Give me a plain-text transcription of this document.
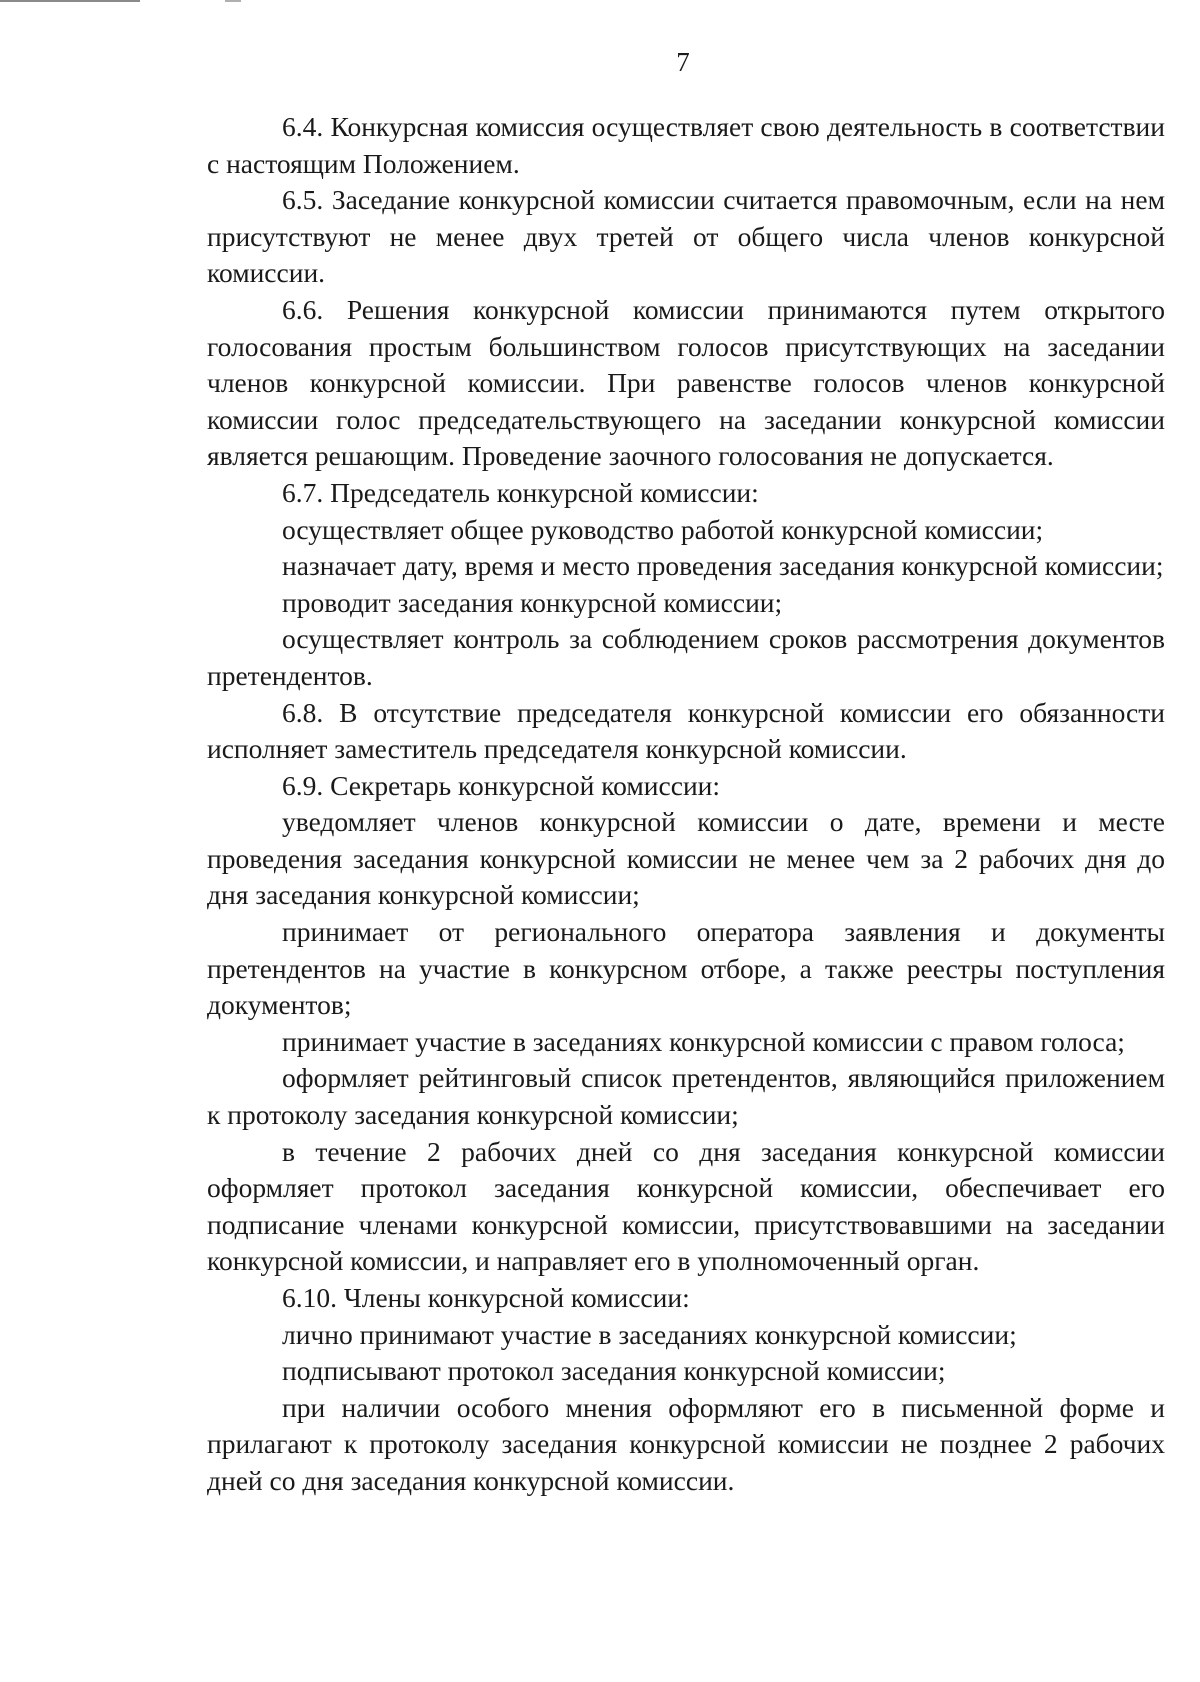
7

6.4. Конкурсная комиссия осуществляет свою деятельность в соответствии с настоящим Положением.

6.5. Заседание конкурсной комиссии считается правомочным, если на нем присутствуют не менее двух третей от общего числа членов конкурсной комиссии.

6.6. Решения конкурсной комиссии принимаются путем открытого голосования простым большинством голосов присутствующих на заседании членов конкурсной комиссии. При равенстве голосов членов конкурсной комиссии голос председательствующего на заседании конкурсной комиссии является решающим. Проведение заочного голосования не допускается.

6.7. Председатель конкурсной комиссии:

осуществляет общее руководство работой конкурсной комиссии;

назначает дату, время и место проведения заседания конкурсной комиссии;

проводит заседания конкурсной комиссии;

осуществляет контроль за соблюдением сроков рассмотрения документов претендентов.

6.8. В отсутствие председателя конкурсной комиссии его обязанности исполняет заместитель председателя конкурсной комиссии.

6.9. Секретарь конкурсной комиссии:

уведомляет членов конкурсной комиссии о дате, времени и месте проведения заседания конкурсной комиссии не менее чем за 2 рабочих дня до дня заседания конкурсной комиссии;

принимает от регионального оператора заявления и документы претендентов на участие в конкурсном отборе, а также реестры поступления документов;

принимает участие в заседаниях конкурсной комиссии с правом голоса;

оформляет рейтинговый список претендентов, являющийся приложением к протоколу заседания конкурсной комиссии;

в течение 2 рабочих дней со дня заседания конкурсной комиссии оформляет протокол заседания конкурсной комиссии, обеспечивает его подписание членами конкурсной комиссии, присутствовавшими на заседании конкурсной комиссии, и направляет его в уполномоченный орган.

6.10. Члены конкурсной комиссии:

лично принимают участие в заседаниях конкурсной комиссии;

подписывают протокол заседания конкурсной комиссии;

при наличии особого мнения оформляют его в письменной форме и прилагают к протоколу заседания конкурсной комиссии не позднее 2 рабочих дней со дня заседания конкурсной комиссии.
